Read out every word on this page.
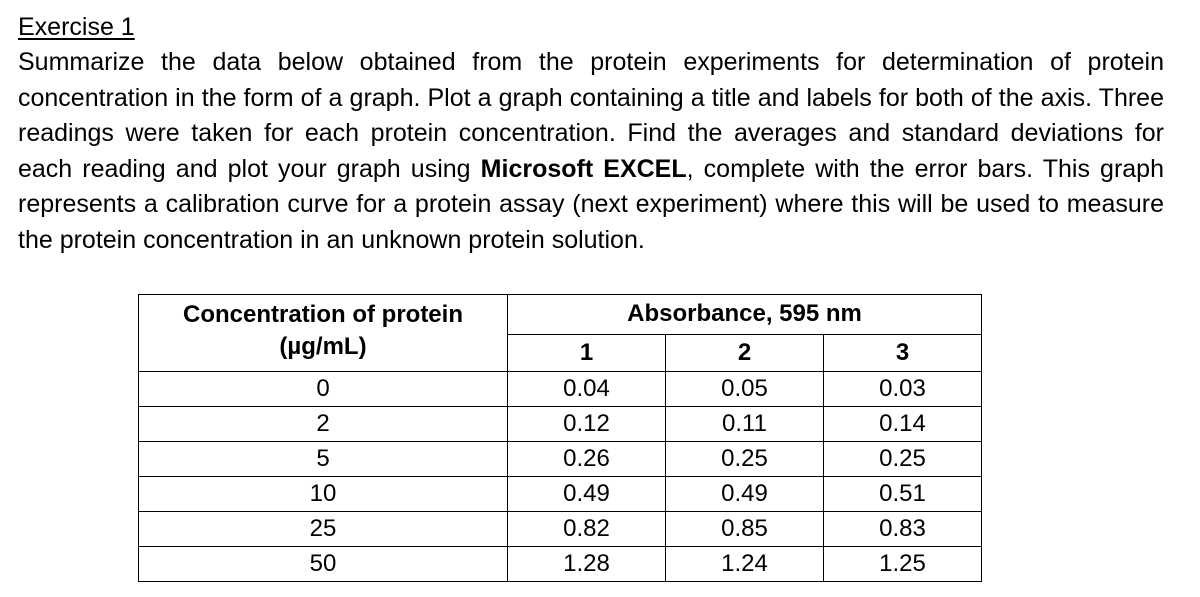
Exercise 1

Summarize the data below obtained from the protein experiments for determination of protein concentration in the form of a graph. Plot a graph containing a title and labels for both of the axis. Three readings were taken for each protein concentration. Find the averages and standard deviations for each reading and plot your graph using Microsoft EXCEL, complete with the error bars. This graph represents a calibration curve for a protein assay (next experiment) where this will be used to measure the protein concentration in an unknown protein solution.

Concentration of protein
(µg/mL)	Absorbance, 595 nm		
	1	2	3
0	0.04	0.05	0.03
2	0.12	0.11	0.14
5	0.26	0.25	0.25
10	0.49	0.49	0.51
25	0.82	0.85	0.83
50	1.28	1.24	1.25
